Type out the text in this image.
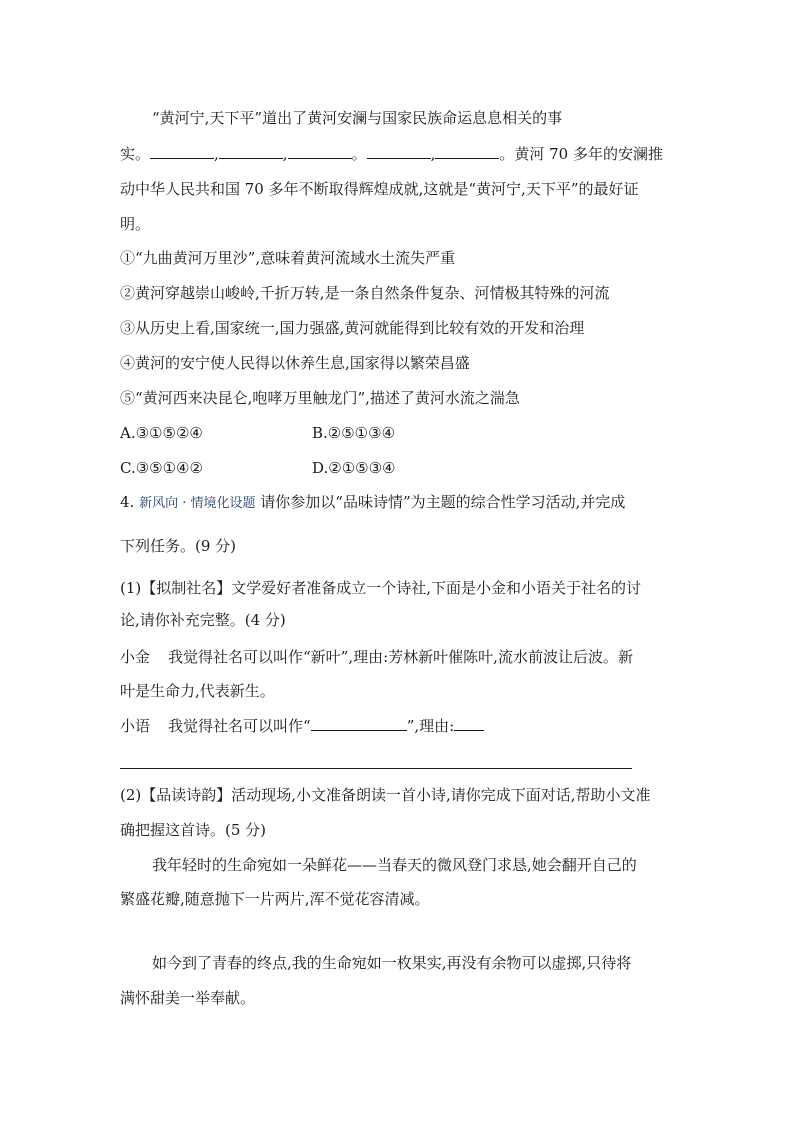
“黄河宁,天下平”道出了黄河安澜与国家民族命运息息相关的事
实。	,	,	。	,	。黄河 70 多年的安澜推
动中华人民共和国 70 多年不断取得辉煌成就,这就是“黄河宁,天下平”的最好证
明。
①“九曲黄河万里沙”,意味着黄河流域水土流失严重
②黄河穿越崇山峻岭,千折万转,是一条自然条件复杂、河情极其特殊的河流
③从历史上看,国家统一,国力强盛,黄河就能得到比较有效的开发和治理
④黄河的安宁使人民得以休养生息,国家得以繁荣昌盛
⑤“黄河西来决昆仑,咆哮万里触龙门”,描述了黄河水流之湍急
A.③①⑤②④	B.②⑤①③④
C.③⑤①④②	D.②①⑤③④
4. 新风向 · 情境化设题 请你参加以“品味诗情”为主题的综合性学习活动,并完成
下列任务。(9 分)
(1)【拟制社名】文学爱好者准备成立一个诗社,下面是小金和小语关于社名的讨
论,请你补充完整。(4 分)
小金 我觉得社名可以叫作“新叶”,理由:芳林新叶催陈叶,流水前波让后波。新
叶是生命力,代表新生。
小语 我觉得社名可以叫作“	”,理由:
(2)【品读诗韵】活动现场,小文准备朗读一首小诗,请你完成下面对话,帮助小文准
确把握这首诗。(5 分)
我年轻时的生命宛如一朵鲜花——当春天的微风登门求恳,她会翻开自己的
繁盛花瓣,随意抛下一片两片,浑不觉花容清减。
如今到了青春的终点,我的生命宛如一枚果实,再没有余物可以虚掷,只待将
满怀甜美一举奉献。
